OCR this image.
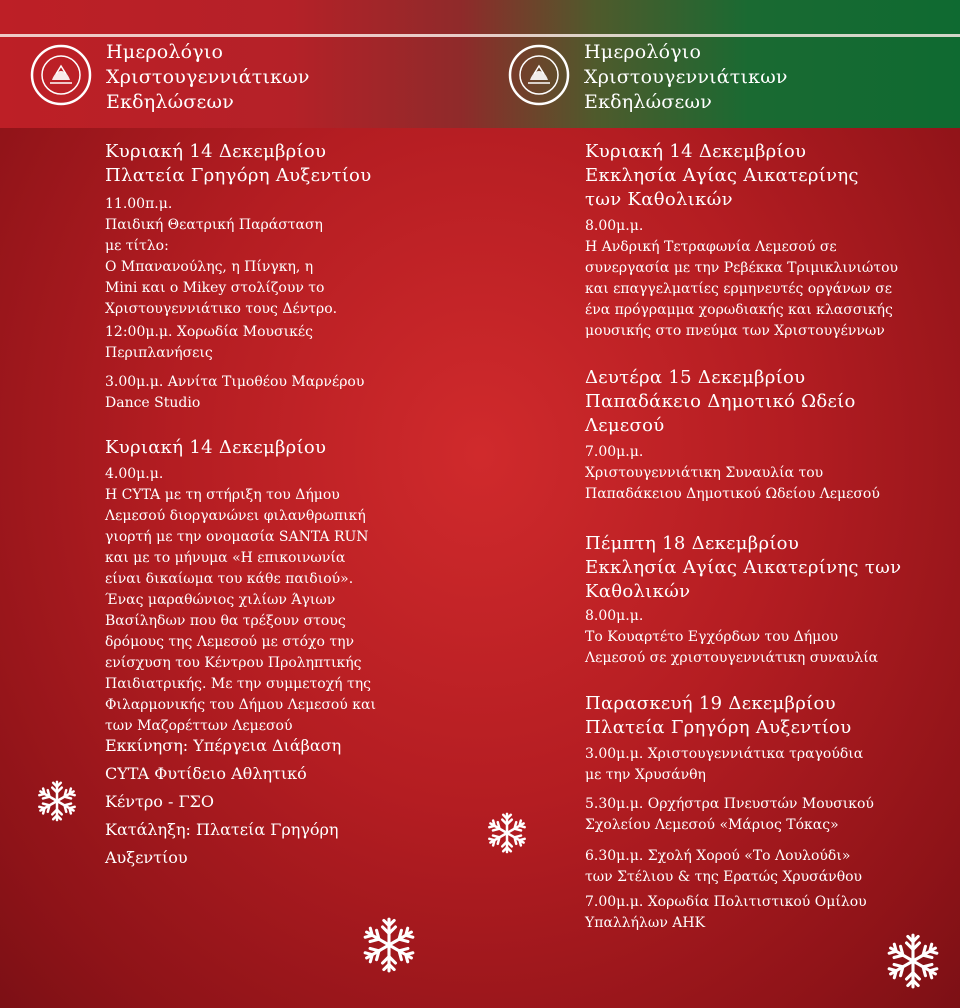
Ημερολόγιο
Χριστουγεννιάτικων
Εκδηλώσεων
Ημερολόγιο
Χριστουγεννιάτικων
Εκδηλώσεων
Κυριακή 14 Δεκεμβρίου
Πλατεία Γρηγόρη Αυξεντίου
11.00π.μ.
Παιδική Θεατρική Παράσταση
με τίτλο:
Ο Μπανανούλης, η Πίνγκη, η
Mini και ο Mikey στολίζουν το
Χριστουγεννιάτικο τους Δέντρο.
12:00μ.μ. Χορωδία Μουσικές
Περιπλανήσεις
3.00μ.μ. Αννίτα Τιμοθέου Μαρνέρου
Dance Studio
Κυριακή 14 Δεκεμβρίου
4.00μ.μ.
Η CYTA με τη στήριξη του Δήμου
Λεμεσού διοργανώνει φιλανθρωπική
γιορτή με την ονομασία SANTA RUN
και με το μήνυμα «Η επικοινωνία
είναι δικαίωμα του κάθε παιδιού».
Ένας μαραθώνιος χιλίων Άγιων
Βασίληδων που θα τρέξουν στους
δρόμους της Λεμεσού με στόχο την
ενίσχυση του Κέντρου Προληπτικής
Παιδιατρικής. Με την συμμετοχή της
Φιλαρμονικής του Δήμου Λεμεσού και
των Μαζορέττων Λεμεσού
Εκκίνηση: Υπέργεια Διάβαση
CYTA Φυτίδειο Αθλητικό
Κέντρο - ΓΣΟ
Κατάληξη: Πλατεία Γρηγόρη
Αυξεντίου
Κυριακή 14 Δεκεμβρίου
Εκκλησία Αγίας Αικατερίνης
των Καθολικών
8.00μ.μ.
Η Ανδρική Τετραφωνία Λεμεσού σε
συνεργασία με την Ρεβέκκα Τριμικλινιώτου
και επαγγελματίες ερμηνευτές οργάνων σε
ένα πρόγραμμα χορωδιακής και κλασσικής
μουσικής στο πνεύμα των Χριστουγέννων
Δευτέρα 15 Δεκεμβρίου
Παπαδάκειο Δημοτικό Ωδείο
Λεμεσού
7.00μ.μ.
Χριστουγεννιάτικη Συναυλία του
Παπαδάκειου Δημοτικού Ωδείου Λεμεσού
Πέμπτη 18 Δεκεμβρίου
Εκκλησία Αγίας Αικατερίνης των
Καθολικών
8.00μ.μ.
Το Κουαρτέτο Εγχόρδων του Δήμου
Λεμεσού σε χριστουγεννιάτικη συναυλία
Παρασκευή 19 Δεκεμβρίου
Πλατεία Γρηγόρη Αυξεντίου
3.00μ.μ. Χριστουγεννιάτικα τραγούδια
με την Χρυσάνθη
5.30μ.μ. Ορχήστρα Πνευστών Μουσικού
Σχολείου Λεμεσού «Μάριος Τόκας»
6.30μ.μ. Σχολή Χορού «Το Λουλούδι»
των Στέλιου & της Ερατώς Χρυσάνθου
7.00μ.μ. Χορωδία Πολιτιστικού Ομίλου
Υπαλλήλων ΑΗΚ
